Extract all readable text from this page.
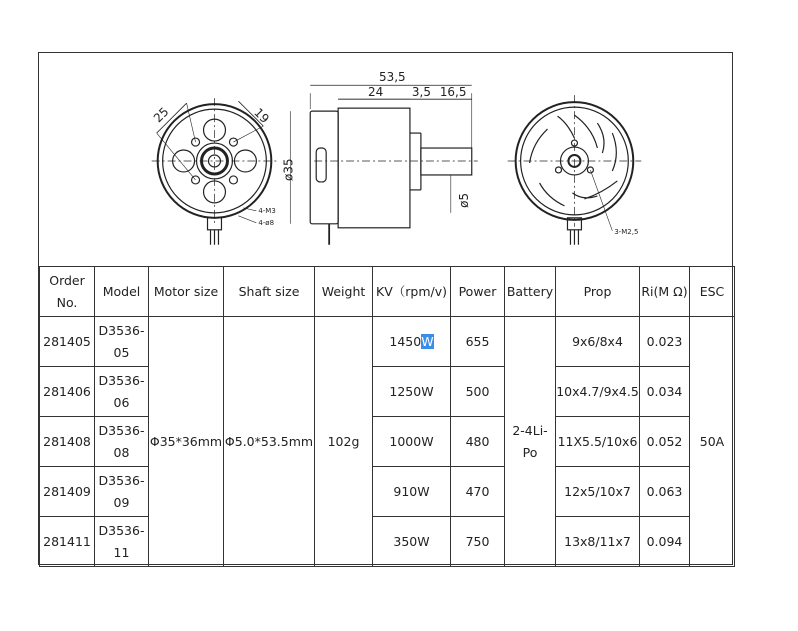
53,5
24 3,5 16,5
ø35
ø5
25	19
4-M3
4-ø8
3-M2,5
Order No.	Model	Motor size	Shaft size	Weight	KV（rpm/v)	Power	Battery	Prop	Ri(M Ω)	ESC
281405	D3536-05	Φ35*36mm	Φ5.0*53.5mm	102g	1450W	655	2-4Li-Po	9x6/8x4	0.023	50A
281406	D3536-06				1250W	500		10x4.7/9x4.5	0.034	
281408	D3536-08				1000W	480		11X5.5/10x6	0.052	
281409	D3536-09				910W	470		12x5/10x7	0.063	
281411	D3536-11				350W	750		13x8/11x7	0.094	
